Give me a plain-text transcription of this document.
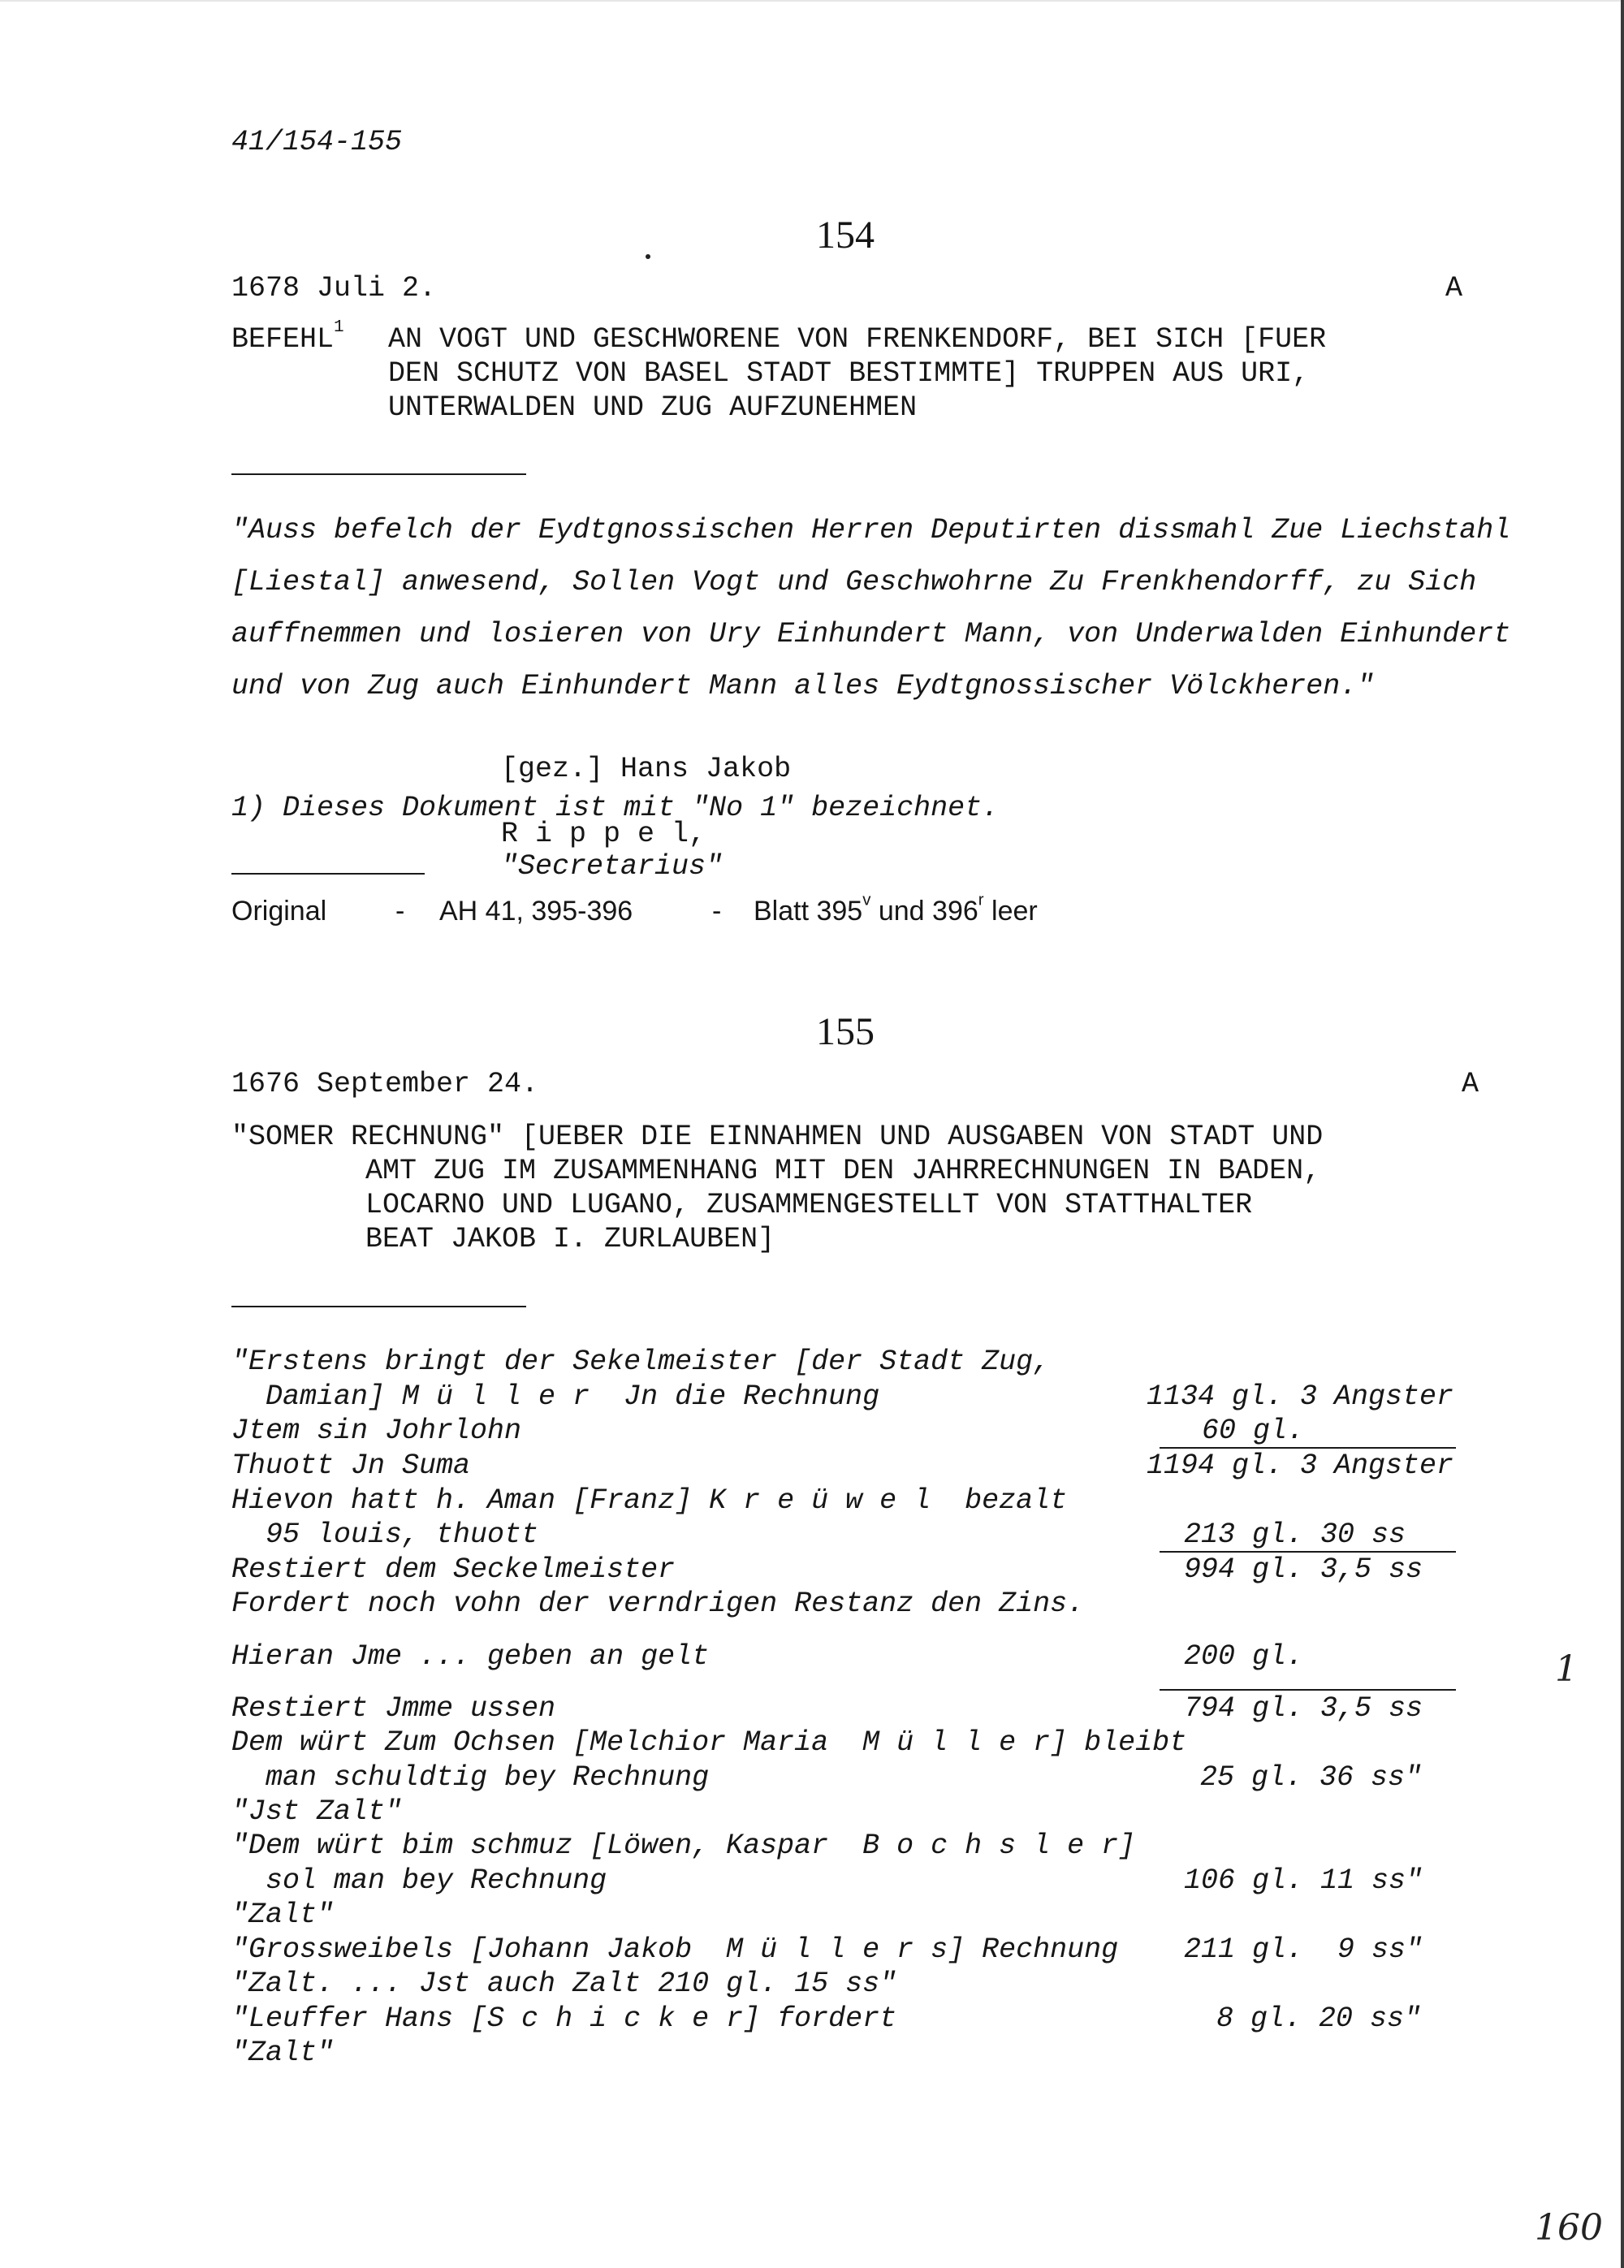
41/154-155
154
1678 Juli 2.	A
BEFEHL$^1$ AN VOGT UND GESCHWORENE VON FRENKENDORF, BEI SICH [FUER
DEN SCHUTZ VON BASEL STADT BESTIMMTE] TRUPPEN AUS URI,
UNTERWALDEN UND ZUG AUFZUNEHMEN
"Auss befelch der Eydtgnossischen Herren Deputirten dissmahl Zue Liechstahl
[Liestal] anwesend, Sollen Vogt und Geschwohrne Zu Frenkhendorff, zu Sich
auffnemmen und losieren von Ury Einhundert Mann, von Underwalden Einhundert
und von Zug auch Einhundert Mann alles Eydtgnossischer Völckheren."

[gez.] Hans Jakob

R i p p e l,
"Secretarius"

1) Dieses Dokument ist mit "No 1" bezeichnet.
Original - AH 41, 395-396	- Blatt 395$^v$ und 396$^r$ leer
155
1676 September 24.	A
"SOMER RECHNUNG" [UEBER DIE EINNAHMEN UND AUSGABEN VON STADT UND
AMT ZUG IM ZUSAMMENHANG MIT DEN JAHRRECHNUNGEN IN BADEN,
LOCARNO UND LUGANO, ZUSAMMENGESTELLT VON STATTHALTER
BEAT JAKOB I. ZURLAUBEN]
"Erstens bringt der Sekelmeister [der Stadt Zug,
Damian] M ü l l e r  Jn die Rechnung	1134 gl. 3 Angster
Jtem sin Johrlohn	60 gl.
Thuott Jn Suma	1194 gl. 3 Angster
Hievon hatt h. Aman [Franz] K r e ü w e l  bezalt
95 louis, thuott	213 gl. 30 ss
Restiert dem Seckelmeister	994 gl. 3,5 ss
Fordert noch vohn der verndrigen Restanz den Zins.
Hieran Jme ... geben an gelt	200 gl.
Restiert Jmme ussen	794 gl. 3,5 ss
Dem würt Zum Ochsen [Melchior Maria  M ü l l e r] bleibt
man schuldtig bey Rechnung	25 gl. 36 ss"
"Jst Zalt"
"Dem würt bim schmuz [Löwen, Kaspar  B o c h s l e r]
sol man bey Rechnung	106 gl. 11 ss"
"Zalt"
"Grossweibels [Johann Jakob  M ü l l e r s] Rechnung 211 gl.  9 ss"
"Zalt. ... Jst auch Zalt 210 gl. 15 ss"
"Leuffer Hans [S c h i c k e r] fordert	8 gl. 20 ss"
"Zalt"
1
160
